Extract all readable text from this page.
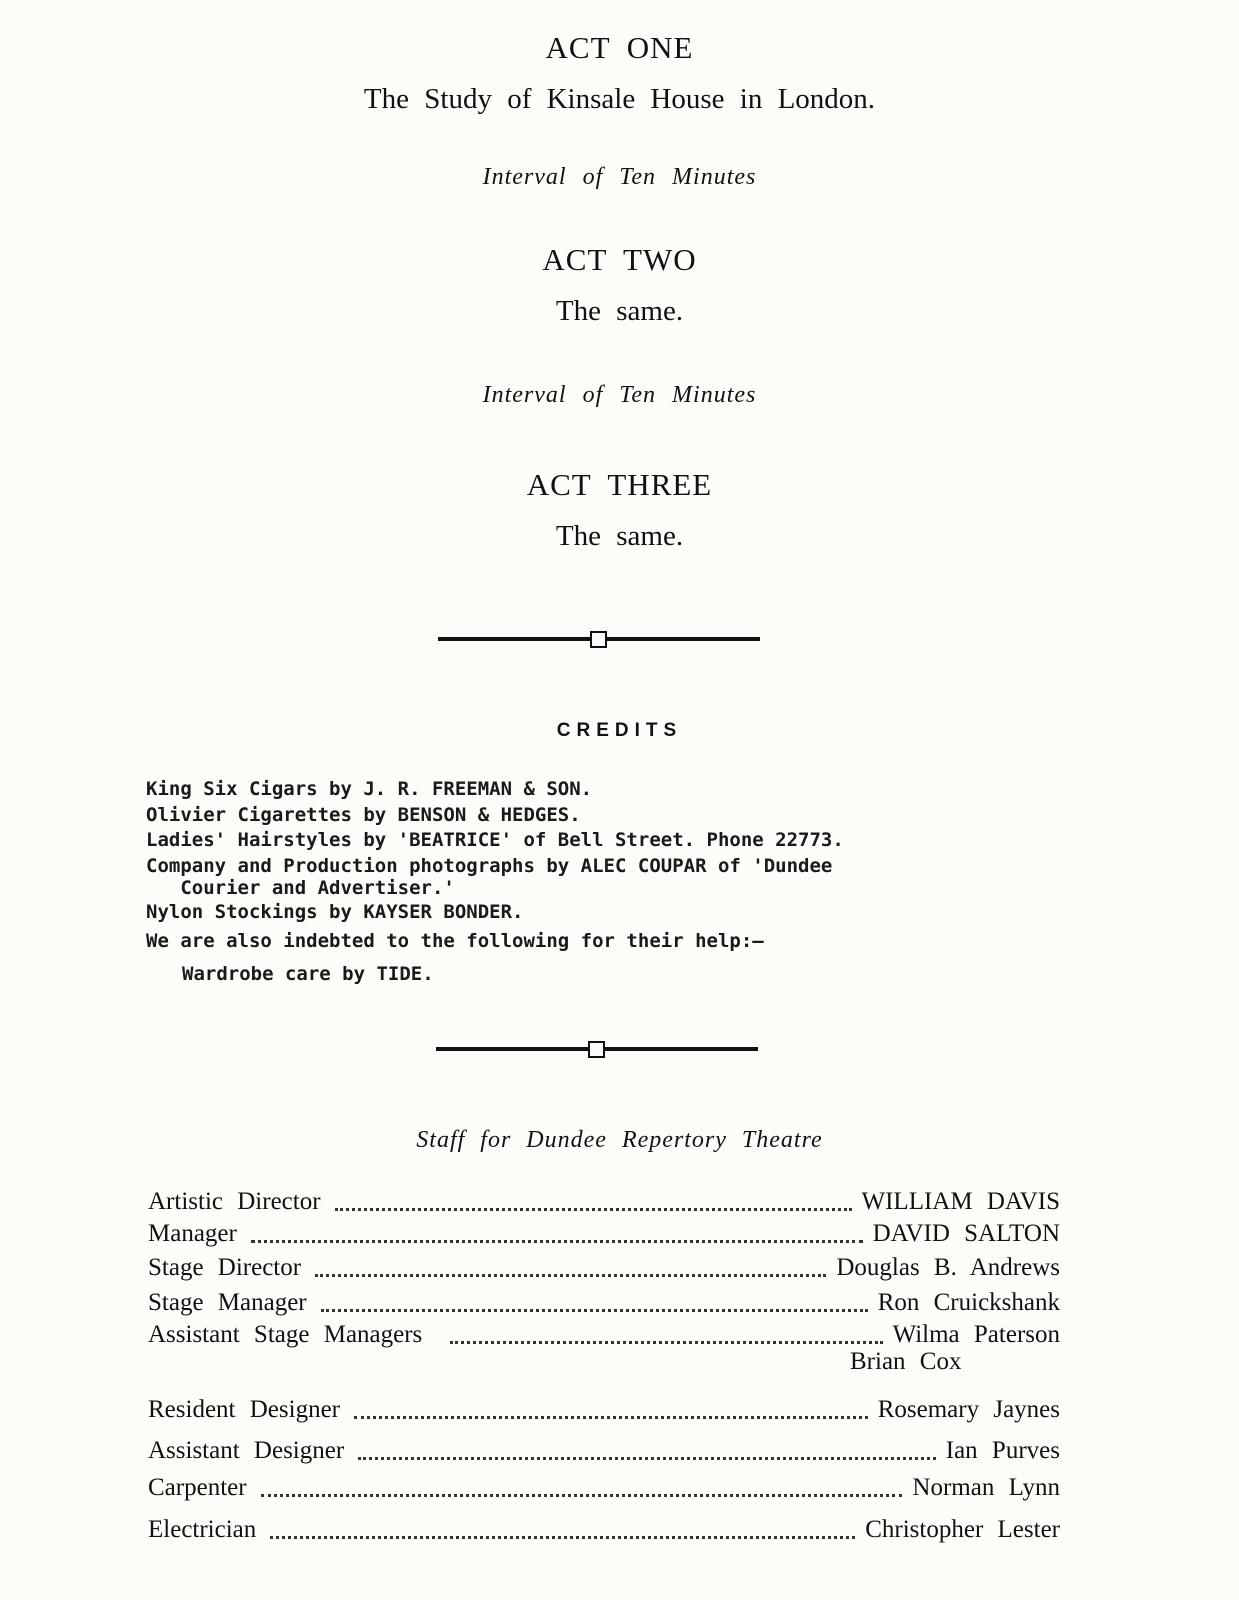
ACT ONE
The Study of Kinsale House in London.
Interval of Ten Minutes
ACT TWO
The same.
Interval of Ten Minutes
ACT THREE
The same.
CREDITS
King Six Cigars by J. R. FREEMAN & SON.
Olivier Cigarettes by BENSON & HEDGES.
Ladies' Hairstyles by 'BEATRICE' of Bell Street. Phone 22773.
Company and Production photographs by ALEC COUPAR of 'Dundee
Courier and Advertiser.'
Nylon Stockings by KAYSER BONDER.
We are also indebted to the following for their help:—
Wardrobe care by TIDE.
Staff for Dundee Repertory Theatre
Artistic Director	WILLIAM DAVIS
Manager	DAVID SALTON
Stage Director	Douglas B. Andrews
Stage Manager	Ron Cruickshank
Assistant Stage Managers	Wilma Paterson
Brian Cox
Resident Designer	Rosemary Jaynes
Assistant Designer	Ian Purves
Carpenter	Norman Lynn
Electrician	Christopher Lester
